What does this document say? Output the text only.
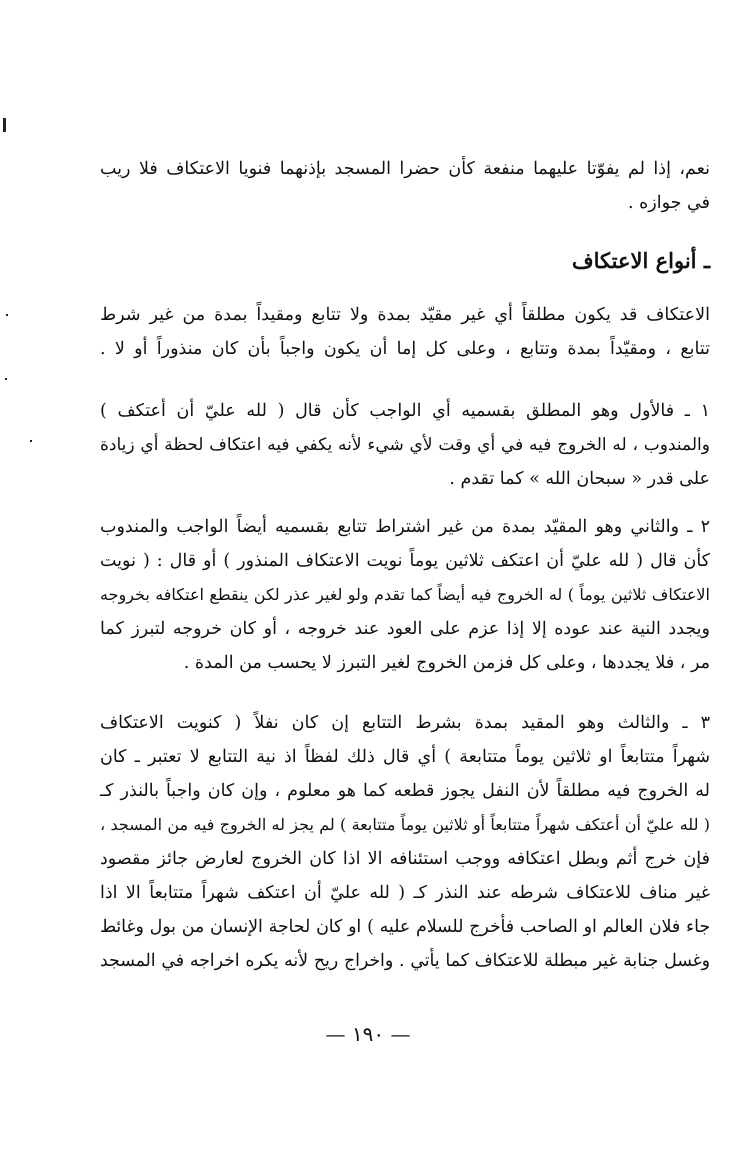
نعم، إذا لم يفوّتا عليهما منفعة كأن حضرا المسجد بإذنهما فنويا الاعتكاف فلا ريب
في جوازه .
ـ أنواع الاعتكاف
الاعتكاف قد يكون مطلقاً أي غير مقيّد بمدة ولا تتابع ومقيداً بمدة من غير شرط
تتابع ، ومقيّداً بمدة وتتابع ، وعلى كل إما أن يكون واجباً بأن كان منذوراً أو لا .
١ ـ فالأول وهو المطلق بقسميه أي الواجب كأن قال ( لله عليّ أن أعتكف )
والمندوب ، له الخروج فيه في أي وقت لأي شيء لأنه يكفي فيه اعتكاف لحظة أي زيادة
على قدر « سبحان الله » كما تقدم .
٢ ـ والثاني وهو المقيّد بمدة من غير اشتراط تتابع بقسميه أيضاً الواجب والمندوب
كأن قال ( لله عليّ أن اعتكف ثلاثين يوماً نويت الاعتكاف المنذور ) أو قال : ( نويت
الاعتكاف ثلاثين يوماً ) له الخروج فيه أيضاً كما تقدم ولو لغير عذر لكن ينقطع اعتكافه بخروجه
ويجدد النية عند عوده إلا إذا عزم على العود عند خروجه ، أو كان خروجه لتبرز كما
مر ، فلا يجددها ، وعلى كل فزمن الخروج لغير التبرز لا يحسب من المدة .
٣ ـ والثالث وهو المقيد بمدة بشرط التتابع إن كان نفلاً ( كنويت الاعتكاف
شهراً متتابعاً او ثلاثين يوماً متتابعة ) أي قال ذلك لفظاً اذ نية التتابع لا تعتبر ـ كان
له الخروج فيه مطلقاً لأن النفل يجوز قطعه كما هو معلوم ، وإن كان واجباً بالنذر كـ
( لله عليّ أن أعتكف شهراً متتابعاً أو ثلاثين يوماً متتابعة ) لم يجز له الخروج فيه من المسجد ،
فإن خرج أثم وبطل اعتكافه ووجب استئنافه الا اذا كان الخروج لعارض جائز مقصود
غير مناف للاعتكاف شرطه عند النذر كـ ( لله عليّ أن اعتكف شهراً متتابعاً الا اذا
جاء فلان العالم او الصاحب فأخرج للسلام عليه ) او كان لحاجة الإنسان من بول وغائط
وغسل جنابة غير مبطلة للاعتكاف كما يأتي . واخراج ريح لأنه يكره اخراجه في المسجد
— ١٩٠ —
